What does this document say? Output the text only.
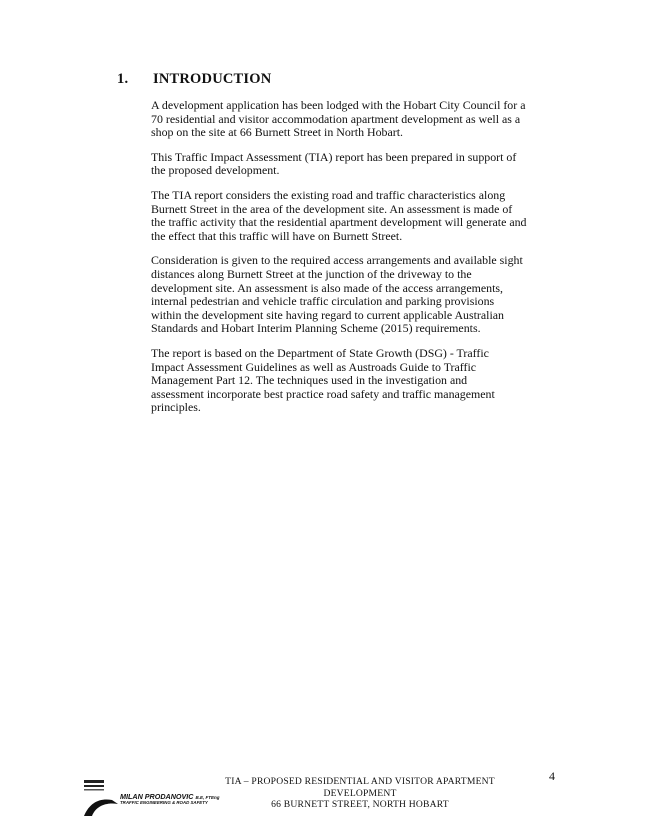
1. INTRODUCTION

A development application has been lodged with the Hobart City Council for a
70 residential and visitor accommodation apartment development as well as a
shop on the site at 66 Burnett Street in North Hobart.

This Traffic Impact Assessment (TIA) report has been prepared in support of
the proposed development.

The TIA report considers the existing road and traffic characteristics along
Burnett Street in the area of the development site. An assessment is made of
the traffic activity that the residential apartment development will generate and
the effect that this traffic will have on Burnett Street.

Consideration is given to the required access arrangements and available sight
distances along Burnett Street at the junction of the driveway to the
development site. An assessment is also made of the access arrangements,
internal pedestrian and vehicle traffic circulation and parking provisions
within the development site having regard to current applicable Australian
Standards and Hobart Interim Planning Scheme (2015) requirements.

The report is based on the Department of State Growth (DSG) - Traffic
Impact Assessment Guidelines as well as Austroads Guide to Traffic
Management Part 12. The techniques used in the investigation and
assessment incorporate best practice road safety and traffic management
principles.

MILAN PRODANOVIC B.E, FTEng
TRAFFIC ENGINEERING & ROAD SAFETY
TIA – PROPOSED RESIDENTIAL AND VISITOR APARTMENT
DEVELOPMENT
66 BURNETT STREET, NORTH HOBART
4
